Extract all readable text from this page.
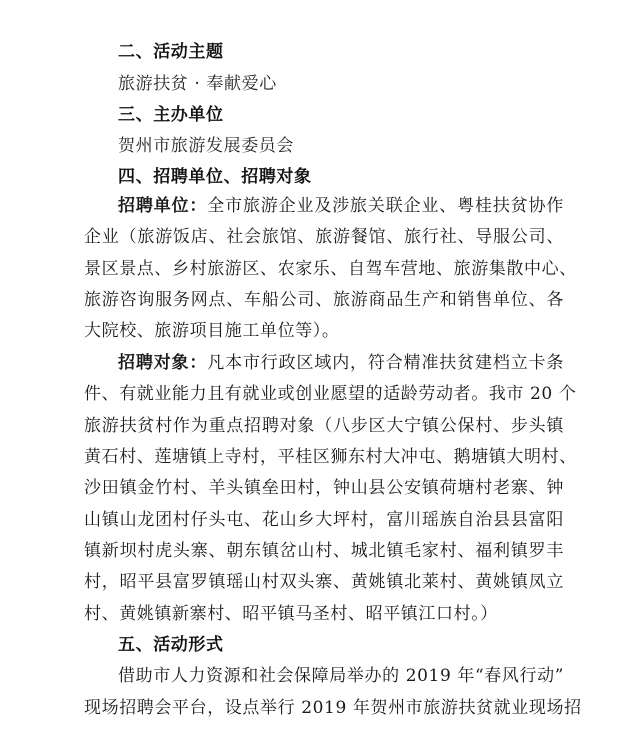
二、活动主题
旅游扶贫 · 奉献爱心
三、主办单位
贺州市旅游发展委员会
四、招聘单位、招聘对象
招聘单位：全市旅游企业及涉旅关联企业、粤桂扶贫协作
企业（旅游饭店、社会旅馆、旅游餐馆、旅行社、导服公司、
景区景点、乡村旅游区、农家乐、自驾车营地、旅游集散中心、
旅游咨询服务网点、车船公司、旅游商品生产和销售单位、各
大院校、旅游项目施工单位等）。
招聘对象：凡本市行政区域内，符合精准扶贫建档立卡条
件、有就业能力且有就业或创业愿望的适龄劳动者。我市 20 个
旅游扶贫村作为重点招聘对象（八步区大宁镇公保村、步头镇
黄石村、莲塘镇上寺村，平桂区狮东村大冲屯、鹅塘镇大明村、
沙田镇金竹村、羊头镇垒田村，钟山县公安镇荷塘村老寨、钟
山镇山龙团村仔头屯、花山乡大坪村，富川瑶族自治县县富阳
镇新坝村虎头寨、朝东镇岔山村、城北镇毛家村、福利镇罗丰
村，昭平县富罗镇瑶山村双头寨、黄姚镇北莱村、黄姚镇凤立
村、黄姚镇新寨村、昭平镇马圣村、昭平镇江口村。）
五、活动形式
借助市人力资源和社会保障局举办的 2019 年“春风行动”
现场招聘会平台，设点举行 2019 年贺州市旅游扶贫就业现场招
